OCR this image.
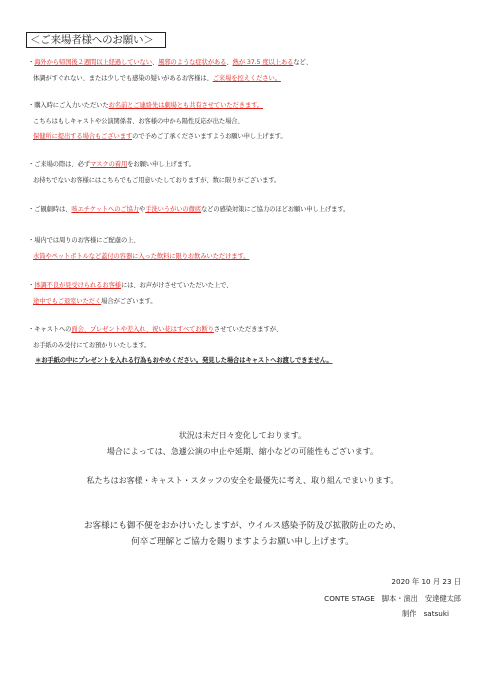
＜ご来場者様へのお願い＞
・海外から帰国後２週間以上経過していない、風邪のような症状がある、熱が 37.5 度以上あるなど、
体調がすぐれない、または少しでも感染の疑いがあるお客様は、ご来場を控えください。
・購入時にご入力いただいたお名前とご連絡先は劇場とも共有させていただきます。
こちらはもしキャストや公演関係者、お客様の中から陽性反応が出た場合、
保健所に提出する場合もございますので予めご了承くださいますようお願い申し上げます。
・ご来場の際は、必ずマスクの着用をお願い申し上げます。
お持ちでないお客様にはこちらでもご用意いたしておりますが、数に限りがございます。
・ご観劇時は、咳エチケットへのご協力や手洗いうがいの徹底などの感染対策にご協力のほどお願い申し上げます。
・場内では周りのお客様にご配慮の上、
水筒やペットボトルなど蓋付の容器に入った飲料に限りお飲みいただけます。
・体調不良が見受けられるお客様には、お声がけさせていただいた上で、
途中でもご退室いただく場合がございます。
・キャストへの面会、プレゼントや差入れ、祝い花はすべてお断りさせていただきますが、
お手紙のみ受付にてお預かりいたします。
＊お手紙の中にプレゼントを入れる行為もおやめください。発見した場合はキャストへお渡しできません。
状況は未だ日々変化しております。
場合によっては、急遽公演の中止や延期、縮小などの可能性もございます。
私たちはお客様・キャスト・スタッフの安全を最優先に考え、取り組んでまいります。
お客様にも御不便をおかけいたしますが、ウイルス感染予防及び拡散防止のため、
何卒ご理解とご協力を賜りますようお願い申し上げます。
2020 年 10 月 23 日
CONTE STAGE　脚本・演出　安達健太郎
制作　satsuki
